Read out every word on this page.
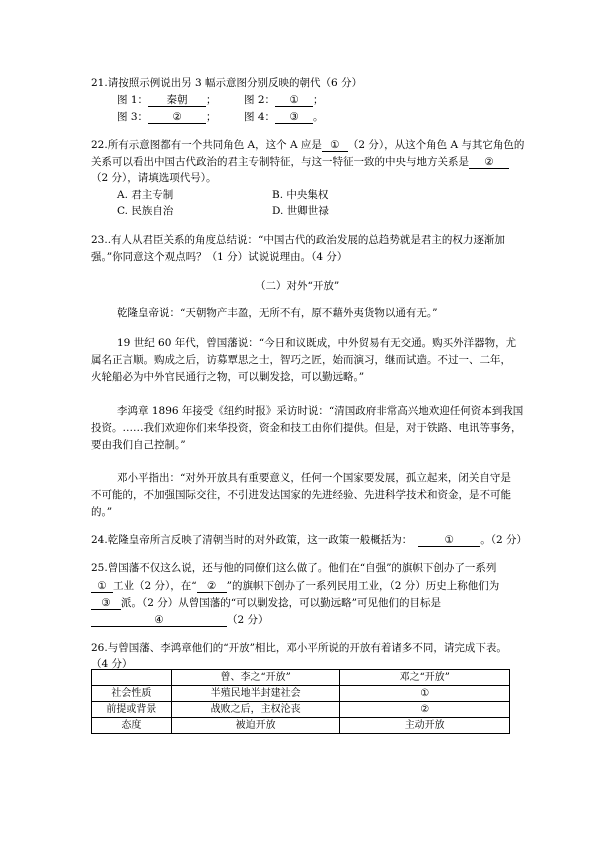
21.请按照示例说出另 3 幅示意图分别反映的朝代（6 分）
图 1： 秦朝 ；	图 2： ① ；
图 3： ② ；	图 4： ③ 。
22.所有示意图都有一个共同角色 A，这个 A 应是 ① （2 分），从这个角色 A 与其它角色的
关系可以看出中国古代政治的君主专制特征，与这一特征一致的中央与地方关系是 ②
（2 分），请填选项代号）。
A. 君主专制	B. 中央集权
C. 民族自治	D. 世卿世禄
23..有人从君臣关系的角度总结说：“中国古代的政治发展的总趋势就是君主的权力逐渐加
强。”你同意这个观点吗？（1 分）试说说理由。（4 分）
（二）对外“开放”
乾隆皇帝说：“天朝物产丰盈，无所不有，原不藉外夷货物以通有无。”
19 世纪 60 年代，曾国藩说：“今日和议既成，中外贸易有无交通。购买外洋器物，尤
属名正言顺。购成之后，访募覃思之士，智巧之匠，始而演习，继而试造。不过一、二年，
火轮船必为中外官民通行之物，可以剿发捻，可以勤远略。”
李鸿章 1896 年接受《纽约时报》采访时说：“清国政府非常高兴地欢迎任何资本到我国
投资。……我们欢迎你们来华投资，资金和技工由你们提供。但是，对于铁路、电讯等事务，
要由我们自己控制。”
邓小平指出：“对外开放具有重要意义，任何一个国家要发展，孤立起来，闭关自守是
不可能的，不加强国际交往，不引进发达国家的先进经验、先进科学技术和资金，是不可能
的。”
24.乾隆皇帝所言反映了清朝当时的对外政策，这一政策一般概括为：	①	。（2 分）
25.曾国藩不仅这么说，还与他的同僚们这么做了。他们在“自强”的旗帜下创办了一系列
① 工业（2 分），在“ ② ”的旗帜下创办了一系列民用工业，（2 分）历史上称他们为
③ 派。（2 分）从曾国藩的“可以剿发捻，可以勤远略”可见他们的目标是
④	（2 分）
26.与曾国藩、李鸿章他们的“开放”相比，邓小平所说的开放有着诸多不同，请完成下表。
（4 分）
	曾、李之“开放”	邓之“开放”
社会性质	半殖民地半封建社会	①
前提或背景	战败之后，主权沦丧	②
态度	被迫开放	主动开放
